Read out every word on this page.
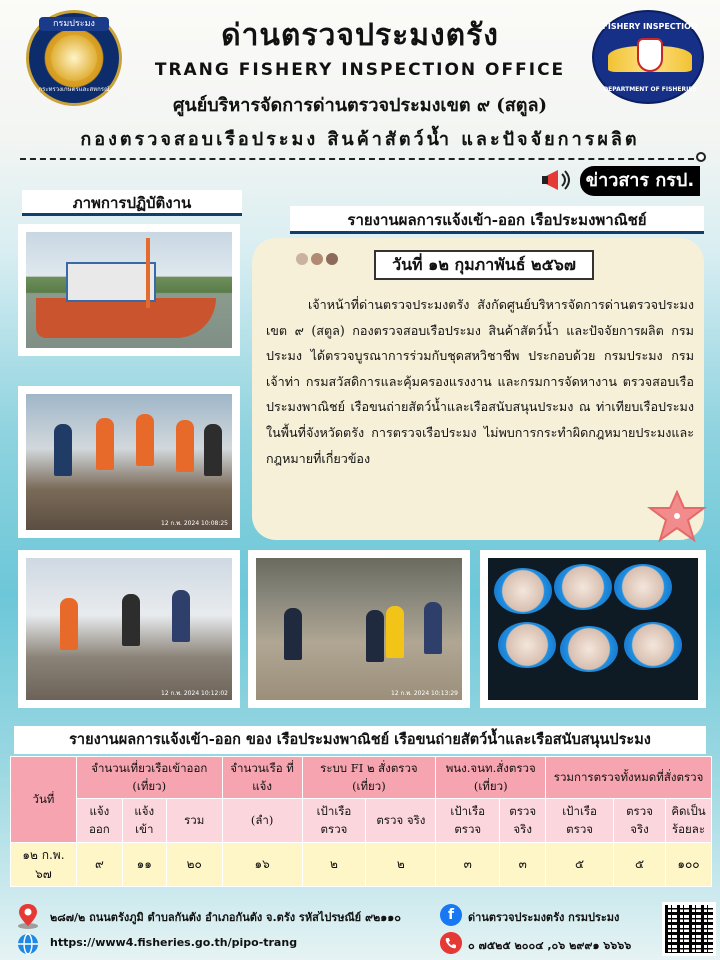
กรมประมง
กระทรวงเกษตรและสหกรณ์
ด่านตรวจประมงตรัง
TRANG FISHERY INSPECTION OFFICE
FISHERY INSPECTION
DEPARTMENT OF FISHERIES
ศูนย์บริหารจัดการด่านตรวจประมงเขต ๙ (สตูล)
กองตรวจสอบเรือประมง สินค้าสัตว์น้ำ และปัจจัยการผลิต
ข่าวสาร กรป.
ภาพการปฏิบัติงาน
รายงานผลการแจ้งเข้า-ออก เรือประมงพาณิชย์
12 ก.พ. 2024 10:08:25
12 ก.พ. 2024 10:12:02	12 ก.พ. 2024 10:13:29
วันที่ ๑๒ กุมภาพันธ์ ๒๕๖๗
เจ้าหน้าที่ด่านตรวจประมงตรัง สังกัดศูนย์บริหารจัดการด่านตรวจประมง เขต ๙ (สตูล) กองตรวจสอบเรือประมง สินค้าสัตว์น้ำ และปัจจัยการผลิต กรมประมง ได้ตรวจบูรณาการร่วมกับชุดสหวิชาชีพ ประกอบด้วย กรมประมง กรมเจ้าท่า กรมสวัสดิการและคุ้มครองแรงงาน และกรมการจัดหางาน ตรวจสอบเรือประมงพาณิชย์ เรือขนถ่ายสัตว์น้ำและเรือสนับสนุนประมง ณ ท่าเทียบเรือประมงในพื้นที่จังหวัดตรัง การตรวจเรือประมง ไม่พบการกระทำผิดกฎหมายประมงและกฎหมายที่เกี่ยวข้อง
รายงานผลการแจ้งเข้า-ออก ของ เรือประมงพาณิชย์ เรือขนถ่ายสัตว์น้ำและเรือสนับสนุนประมง
วันที่	จำนวนเที่ยวเรือเข้าออก (เที่ยว)			จำนวนเรือ ที่แจ้ง	ระบบ FI ๒ สั่งตรวจ (เที่ยว)		พนง.จนท.สั่งตรวจ (เที่ยว)		รวมการตรวจทั้งหมดที่สั่งตรวจ		
	แจ้ง ออก	แจ้ง เข้า	รวม	(ลำ)	เป้าเรือ ตรวจ	ตรวจ จริง	เป้าเรือ ตรวจ	ตรวจ จริง	เป้าเรือ ตรวจ	ตรวจ จริง	คิดเป็น ร้อยละ
๑๒ ก.พ. ๖๗	๙	๑๑	๒๐	๑๖	๒	๒	๓	๓	๕	๕	๑๐๐
๒๘๗/๒ ถนนตรังภูมิ ตำบลกันตัง อำเภอกันตัง จ.ตรัง รหัสไปรษณีย์ ๙๒๑๑๐
https://www4.fisheries.go.th/pipo-trang
f	ด่านตรวจประมงตรัง กรมประมง
๐ ๗๕๒๕ ๒๐๐๔ ,๐๖ ๒๙๙๑ ๖๖๖๖
